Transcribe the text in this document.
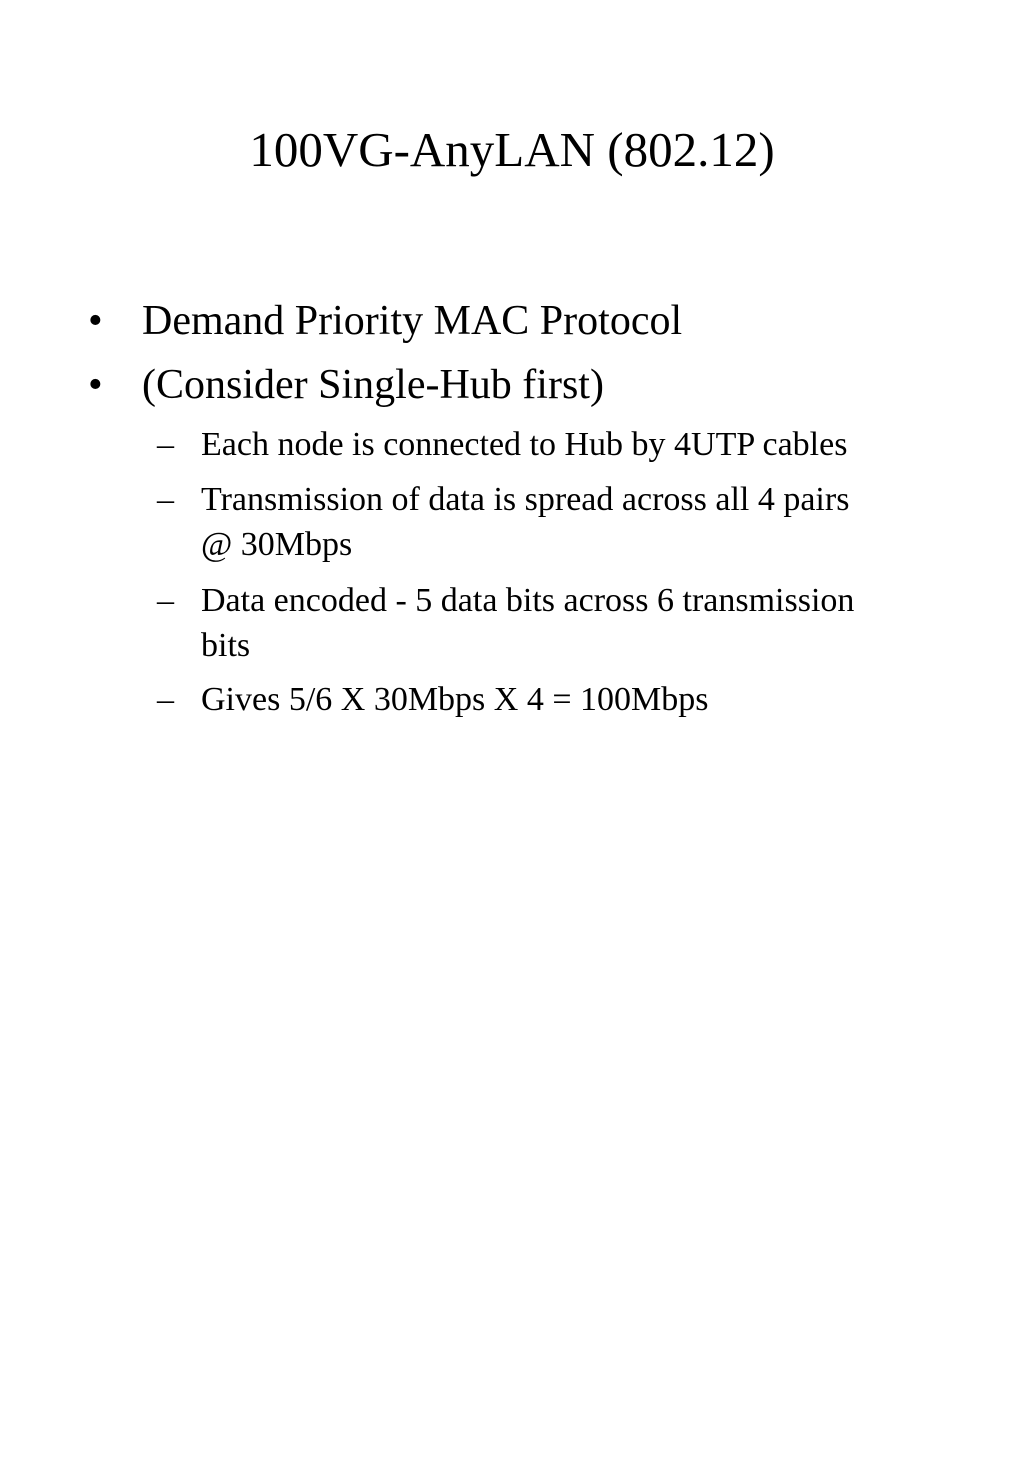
100VG-AnyLAN (802.12)
• Demand Priority MAC Protocol
• (Consider Single-Hub first)
– Each node is connected to Hub by 4UTP cables
– Transmission of data is spread across all 4 pairs
@ 30Mbps
– Data encoded - 5 data bits across 6 transmission
bits
– Gives 5/6 X 30Mbps X 4 = 100Mbps
